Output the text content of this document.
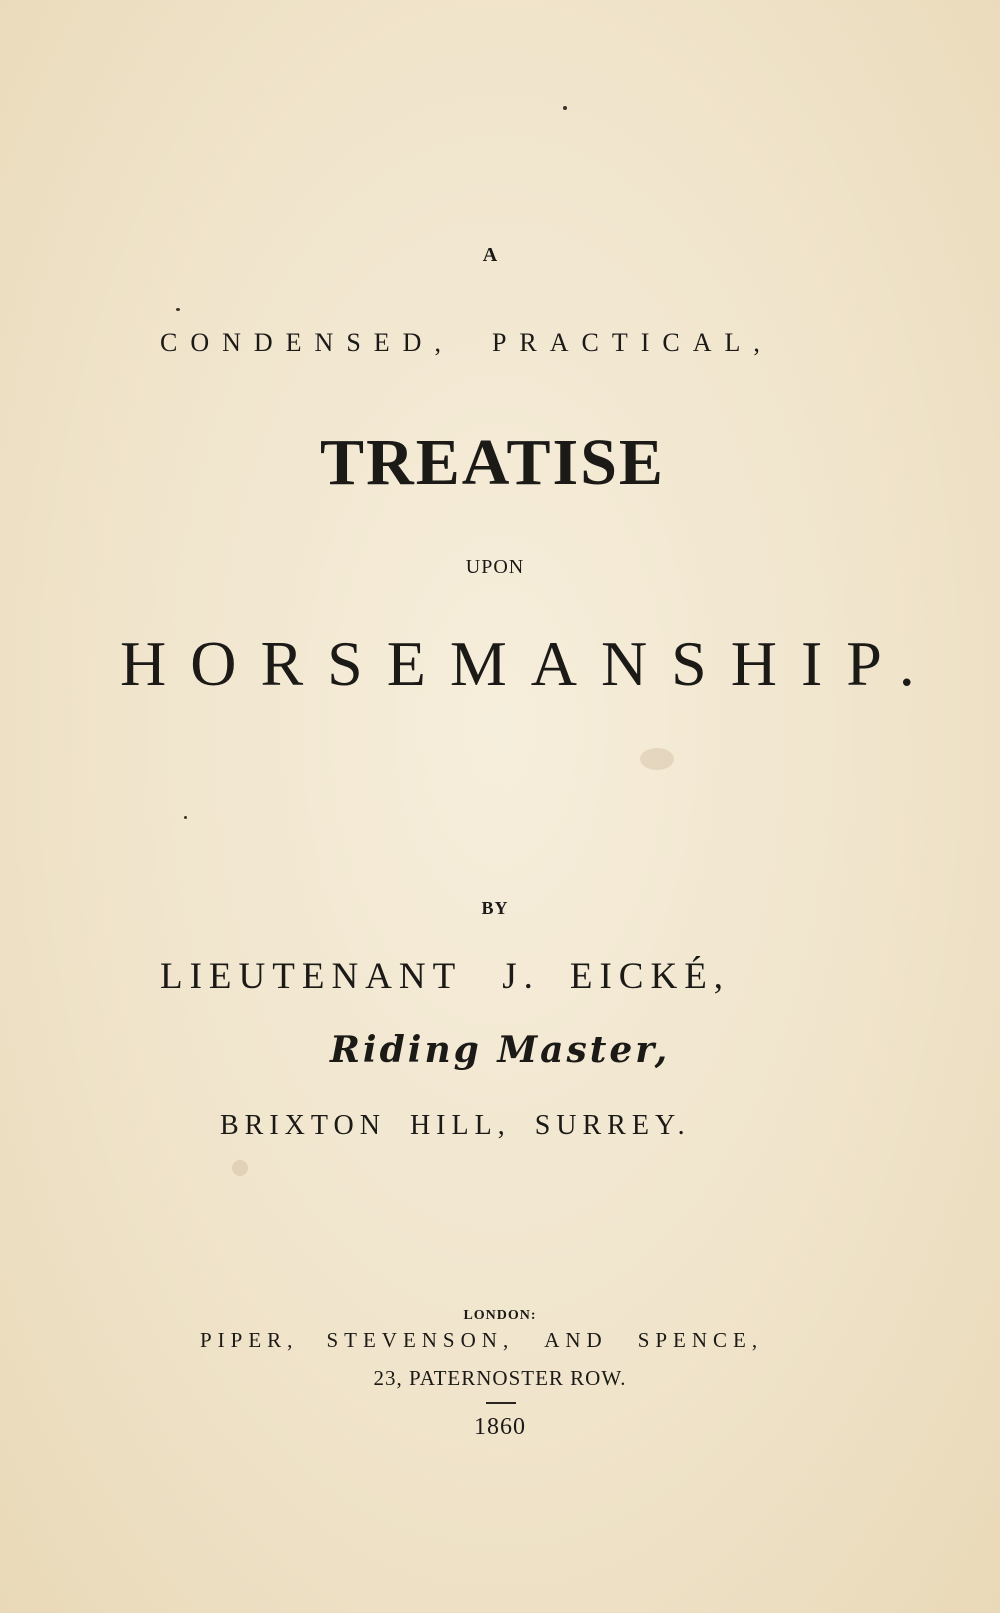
A
CONDENSED, PRACTICAL,
TREATISE
UPON
HORSEMANSHIP.
BY
LIEUTENANT J. EICKÉ,
Riding Master,
BRIXTON HILL, SURREY.
LONDON:
PIPER, STEVENSON, AND SPENCE,
23, PATERNOSTER ROW.
1860
